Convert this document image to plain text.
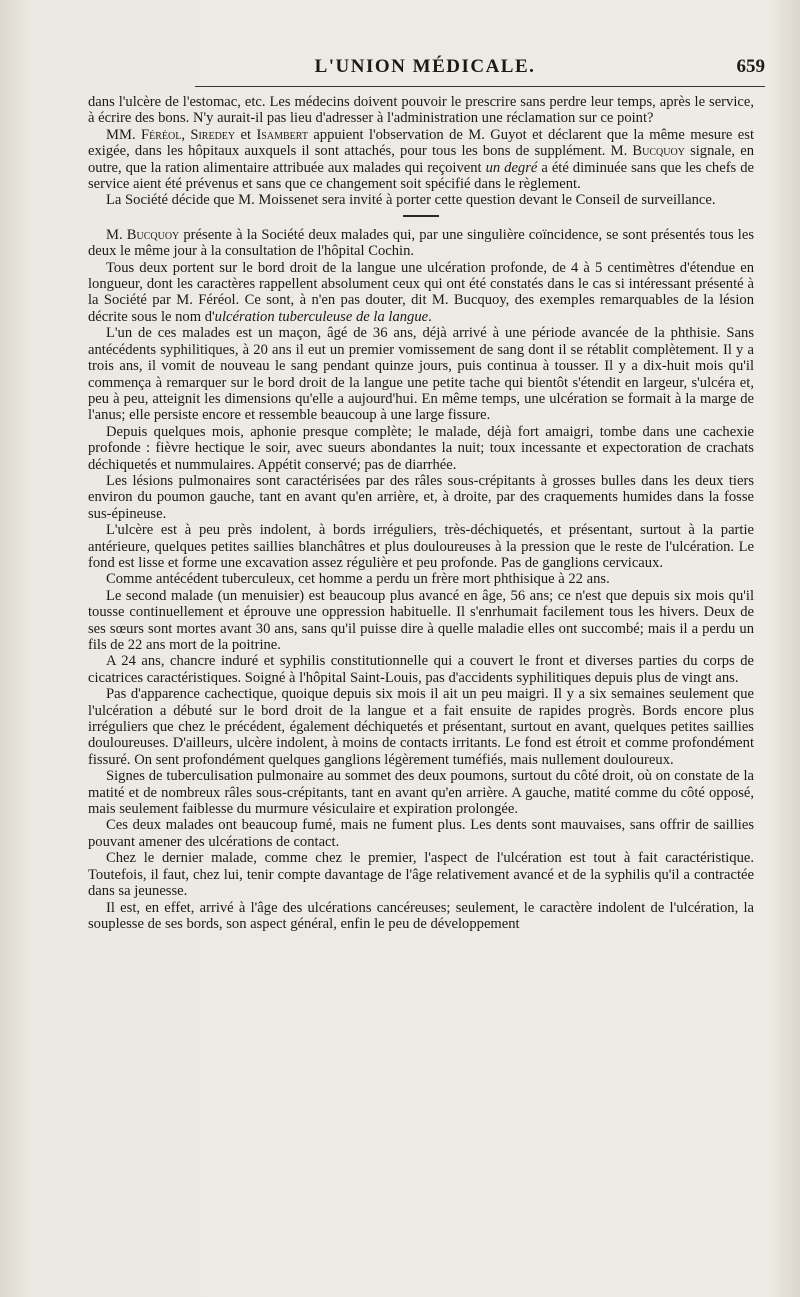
L'UNION MÉDICALE.	659

dans l'ulcère de l'estomac, etc. Les médecins doivent pouvoir le prescrire sans perdre leur temps, après le service, à écrire des bons. N'y aurait-il pas lieu d'adresser à l'administration une réclamation sur ce point?

MM. Féréol, Siredey et Isambert appuient l'observation de M. Guyot et déclarent que la même mesure est exigée, dans les hôpitaux auxquels il sont attachés, pour tous les bons de supplément. M. Bucquoy signale, en outre, que la ration alimentaire attribuée aux malades qui reçoivent un degré a été diminuée sans que les chefs de service aient été prévenus et sans que ce changement soit spécifié dans le règlement.

La Société décide que M. Moissenet sera invité à porter cette question devant le Conseil de surveillance.

M. Bucquoy présente à la Société deux malades qui, par une singulière coïncidence, se sont présentés tous les deux le même jour à la consultation de l'hôpital Cochin.

Tous deux portent sur le bord droit de la langue une ulcération profonde, de 4 à 5 centimètres d'étendue en longueur, dont les caractères rappellent absolument ceux qui ont été constatés dans le cas si intéressant présenté à la Société par M. Féréol. Ce sont, à n'en pas douter, dit M. Bucquoy, des exemples remarquables de la lésion décrite sous le nom d'ulcération tuberculeuse de la langue.

L'un de ces malades est un maçon, âgé de 36 ans, déjà arrivé à une période avancée de la phthisie. Sans antécédents syphilitiques, à 20 ans il eut un premier vomissement de sang dont il se rétablit complètement. Il y a trois ans, il vomit de nouveau le sang pendant quinze jours, puis continua à tousser. Il y a dix-huit mois qu'il commença à remarquer sur le bord droit de la langue une petite tache qui bientôt s'étendit en largeur, s'ulcéra et, peu à peu, atteignit les dimensions qu'elle a aujourd'hui. En même temps, une ulcération se formait à la marge de l'anus; elle persiste encore et ressemble beaucoup à une large fissure.

Depuis quelques mois, aphonie presque complète; le malade, déjà fort amaigri, tombe dans une cachexie profonde : fièvre hectique le soir, avec sueurs abondantes la nuit; toux incessante et expectoration de crachats déchiquetés et nummulaires. Appétit conservé; pas de diarrhée.

Les lésions pulmonaires sont caractérisées par des râles sous-crépitants à grosses bulles dans les deux tiers environ du poumon gauche, tant en avant qu'en arrière, et, à droite, par des craquements humides dans la fosse sus-épineuse.

L'ulcère est à peu près indolent, à bords irréguliers, très-déchiquetés, et présentant, surtout à la partie antérieure, quelques petites saillies blanchâtres et plus douloureuses à la pression que le reste de l'ulcération. Le fond est lisse et forme une excavation assez régulière et peu profonde. Pas de ganglions cervicaux.

Comme antécédent tuberculeux, cet homme a perdu un frère mort phthisique à 22 ans.

Le second malade (un menuisier) est beaucoup plus avancé en âge, 56 ans; ce n'est que depuis six mois qu'il tousse continuellement et éprouve une oppression habituelle. Il s'enrhumait facilement tous les hivers. Deux de ses sœurs sont mortes avant 30 ans, sans qu'il puisse dire à quelle maladie elles ont succombé; mais il a perdu un fils de 22 ans mort de la poitrine.

A 24 ans, chancre induré et syphilis constitutionnelle qui a couvert le front et diverses parties du corps de cicatrices caractéristiques. Soigné à l'hôpital Saint-Louis, pas d'accidents syphilitiques depuis plus de vingt ans.

Pas d'apparence cachectique, quoique depuis six mois il ait un peu maigri. Il y a six semaines seulement que l'ulcération a débuté sur le bord droit de la langue et a fait ensuite de rapides progrès. Bords encore plus irréguliers que chez le précédent, également déchiquetés et présentant, surtout en avant, quelques petites saillies douloureuses. D'ailleurs, ulcère indolent, à moins de contacts irritants. Le fond est étroit et comme profondément fissuré. On sent profondément quelques ganglions légèrement tuméfiés, mais nullement douloureux.

Signes de tuberculisation pulmonaire au sommet des deux poumons, surtout du côté droit, où on constate de la matité et de nombreux râles sous-crépitants, tant en avant qu'en arrière. A gauche, matité comme du côté opposé, mais seulement faiblesse du murmure vésiculaire et expiration prolongée.

Ces deux malades ont beaucoup fumé, mais ne fument plus. Les dents sont mauvaises, sans offrir de saillies pouvant amener des ulcérations de contact.

Chez le dernier malade, comme chez le premier, l'aspect de l'ulcération est tout à fait caractéristique. Toutefois, il faut, chez lui, tenir compte davantage de l'âge relativement avancé et de la syphilis qu'il a contractée dans sa jeunesse.

Il est, en effet, arrivé à l'âge des ulcérations cancéreuses; seulement, le caractère indolent de l'ulcération, la souplesse de ses bords, son aspect général, enfin le peu de développement
